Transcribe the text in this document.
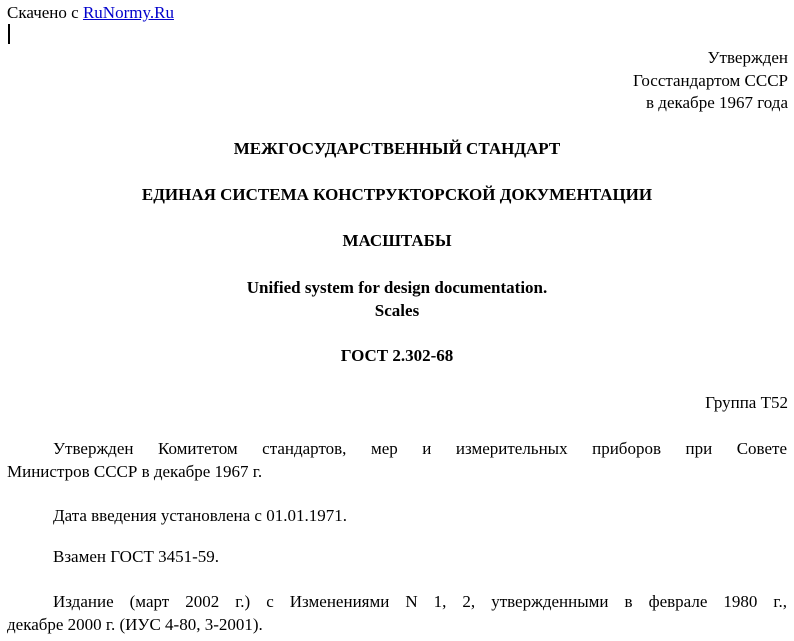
Скачено с RuNormy.Ru
Утвержден
Госстандартом СССР
в декабре 1967 года
МЕЖГОСУДАРСТВЕННЫЙ СТАНДАРТ
ЕДИНАЯ СИСТЕМА КОНСТРУКТОРСКОЙ ДОКУМЕНТАЦИИ
МАСШТАБЫ
Unified system for design documentation.
Scales
ГОСТ 2.302-68
Группа Т52
Утвержден Комитетом стандартов, мер и измерительных приборов при Совете
Министров СССР в декабре 1967 г.
Дата введения установлена с 01.01.1971.
Взамен ГОСТ 3451-59.
Издание (март 2002 г.) с Изменениями N 1, 2, утвержденными в феврале 1980 г.,
декабре 2000 г. (ИУС 4-80, 3-2001).
